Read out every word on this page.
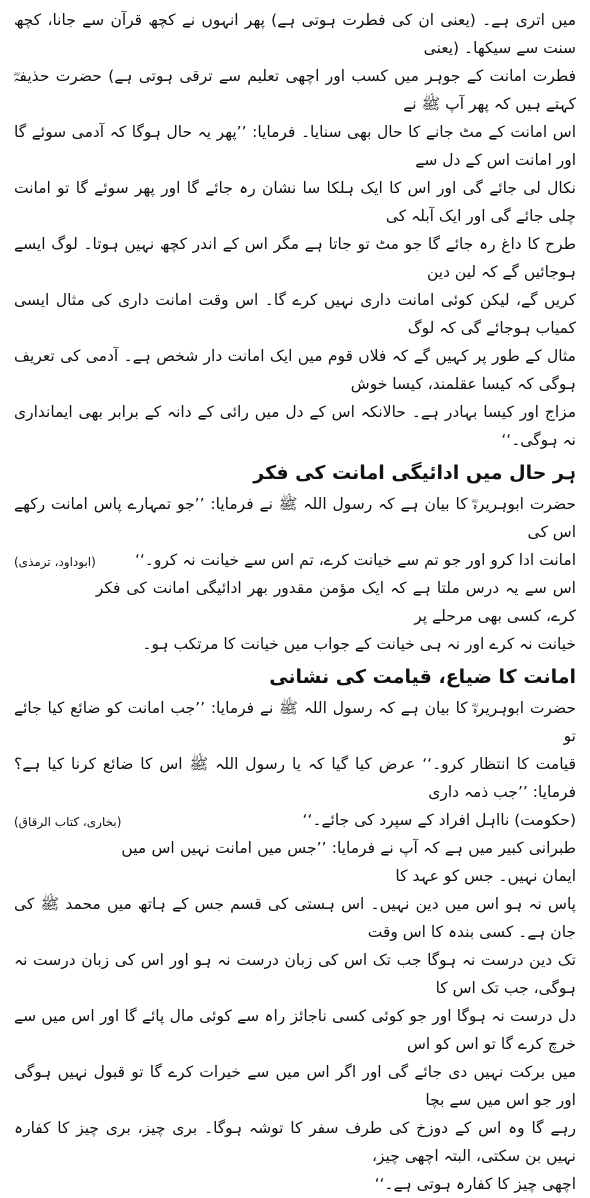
میں اتری ہے۔ (یعنی ان کی فطرت ہوتی ہے) پھر انہوں نے کچھ قرآن سے جانا، کچھ سنت سے سیکھا۔ (یعنی
فطرت امانت کے جوہر میں کسب اور اچھی تعلیم سے ترقی ہوتی ہے) حضرت حذیفہؓ کہتے ہیں کہ پھر آپ ﷺ نے
اس امانت کے مٹ جانے کا حال بھی سنایا۔ فرمایا: ’’پھر یہ حال ہوگا کہ آدمی سوئے گا اور امانت اس کے دل سے
نکال لی جائے گی اور اس کا ایک ہلکا سا نشان رہ جائے گا اور پھر سوئے گا تو امانت چلی جائے گی اور ایک آبلہ کی
طرح کا داغ رہ جائے گا جو مٹ تو جاتا ہے مگر اس کے اندر کچھ نہیں ہوتا۔ لوگ ایسے ہوجائیں گے کہ لین دین
کریں گے، لیکن کوئی امانت داری نہیں کرے گا۔ اس وقت امانت داری کی مثال ایسی کمیاب ہوجائے گی کہ لوگ
مثال کے طور پر کہیں گے کہ فلاں قوم میں ایک امانت دار شخص ہے۔ آدمی کی تعریف ہوگی کہ کیسا عقلمند، کیسا خوش
مزاج اور کیسا بہادر ہے۔ حالانکہ اس کے دل میں رائی کے دانہ کے برابر بھی ایمانداری نہ ہوگی۔‘‘

ہر حال میں ادائیگی امانت کی فکر

حضرت ابوہریرہؓ کا بیان ہے کہ رسول اللہ ﷺ نے فرمایا: ’’جو تمہارے پاس امانت رکھے اس کی
(ابوداود، ترمذی)	امانت ادا کرو اور جو تم سے خیانت کرے، تم اس سے خیانت نہ کرو۔‘‘

اس سے یہ درس ملتا ہے کہ ایک مؤمن مقدور بھر ادائیگی امانت کی فکر کرے، کسی بھی مرحلے پر
خیانت نہ کرے اور نہ ہی خیانت کے جواب میں خیانت کا مرتکب ہو۔

امانت کا ضیاع، قیامت کی نشانی

حضرت ابوہریرہؓ کا بیان ہے کہ رسول اللہ ﷺ نے فرمایا: ’’جب امانت کو ضائع کیا جائے تو
قیامت کا انتظار کرو۔‘‘ عرض کیا گیا کہ یا رسول اللہ ﷺ اس کا ضائع کرنا کیا ہے؟ فرمایا: ’’جب ذمہ داری
(بخاری، کتاب الرقاق)	(حکومت) نااہل افراد کے سپرد کی جائے۔‘‘

طبرانی کبیر میں ہے کہ آپ نے فرمایا: ’’جس میں امانت نہیں اس میں ایمان نہیں۔ جس کو عہد کا
پاس نہ ہو اس میں دین نہیں۔ اس ہستی کی قسم جس کے ہاتھ میں محمد ﷺ کی جان ہے۔ کسی بندہ کا اس وقت
تک دین درست نہ ہوگا جب تک اس کی زبان درست نہ ہو اور اس کی زبان درست نہ ہوگی، جب تک اس کا
دل درست نہ ہوگا اور جو کوئی کسی ناجائز راہ سے کوئی مال پائے گا اور اس میں سے خرچ کرے گا تو اس کو اس
میں برکت نہیں دی جائے گی اور اگر اس میں سے خیرات کرے گا تو قبول نہیں ہوگی اور جو اس میں سے بچا
رہے گا وہ اس کے دوزخ کی طرف سفر کا توشہ ہوگا۔ بری چیز، بری چیز کا کفارہ نہیں بن سکتی، البتہ اچھی چیز،
اچھی چیز کا کفارہ ہوتی ہے۔‘‘
